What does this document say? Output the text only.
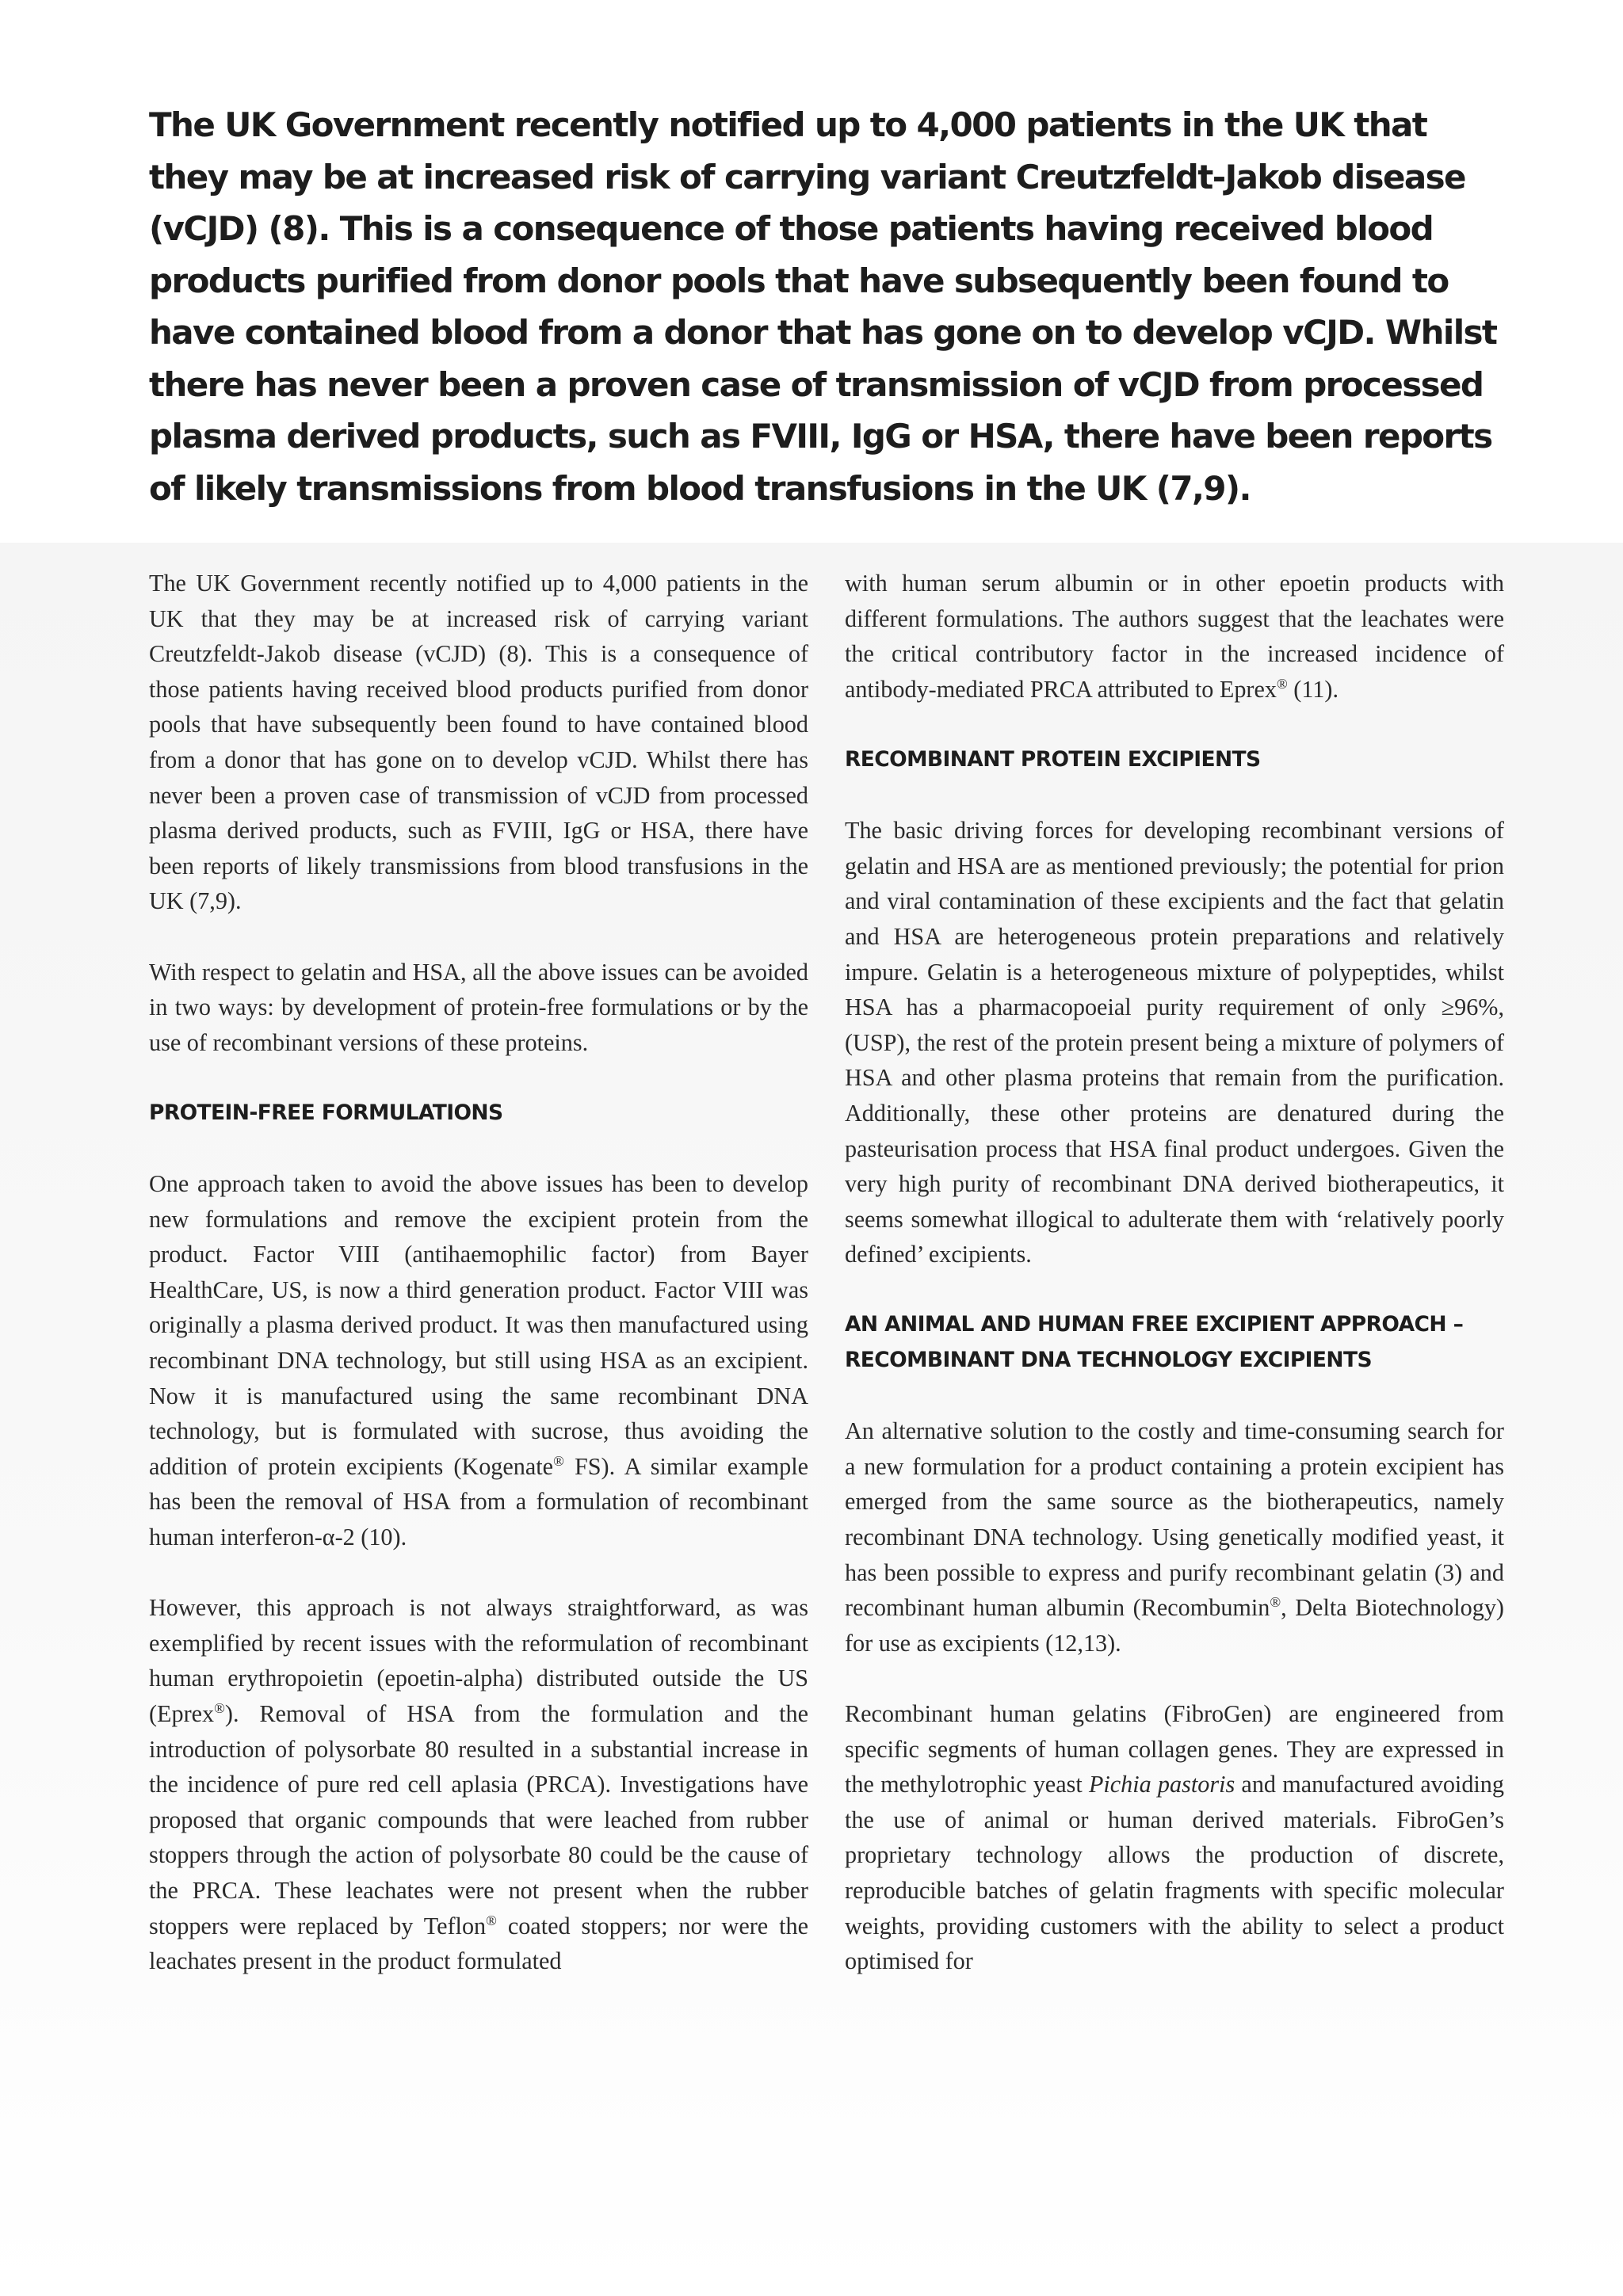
The UK Government recently notified up to 4,000 patients in the UK that they may be at increased risk of carrying variant Creutzfeldt-Jakob disease (vCJD) (8). This is a consequence of those patients having received blood products purified from donor pools that have subsequently been found to have contained blood from a donor that has gone on to develop vCJD. Whilst there has never been a proven case of transmission of vCJD from processed plasma derived products, such as FVIII, IgG or HSA, there have been reports of likely transmissions from blood transfusions in the UK (7,9).

The UK Government recently notified up to 4,000 patients in the UK that they may be at increased risk of carrying variant Creutzfeldt-Jakob disease (vCJD) (8). This is a consequence of those patients having received blood products purified from donor pools that have subsequently been found to have contained blood from a donor that has gone on to develop vCJD. Whilst there has never been a proven case of transmission of vCJD from processed plasma derived products, such as FVIII, IgG or HSA, there have been reports of likely transmissions from blood transfusions in the UK (7,9).

With respect to gelatin and HSA, all the above issues can be avoided in two ways: by development of protein-free formulations or by the use of recombinant versions of these proteins.

PROTEIN-FREE FORMULATIONS

One approach taken to avoid the above issues has been to develop new formulations and remove the excipient protein from the product. Factor VIII (antihaemophilic factor) from Bayer HealthCare, US, is now a third generation product. Factor VIII was originally a plasma derived product. It was then manufactured using recombinant DNA technology, but still using HSA as an excipient. Now it is manufactured using the same recombinant DNA technology, but is formulated with sucrose, thus avoiding the addition of protein excipients (Kogenate® FS). A similar example has been the removal of HSA from a formulation of recombinant human interferon-α-2 (10).

However, this approach is not always straightforward, as was exemplified by recent issues with the reformulation of recombinant human erythropoietin (epoetin-alpha) distributed outside the US (Eprex®). Removal of HSA from the formulation and the introduction of polysorbate 80 resulted in a substantial increase in the incidence of pure red cell aplasia (PRCA). Investigations have proposed that organic compounds that were leached from rubber stoppers through the action of polysorbate 80 could be the cause of the PRCA. These leachates were not present when the rubber stoppers were replaced by Teflon® coated stoppers; nor were the leachates present in the product formulated

with human serum albumin or in other epoetin products with different formulations. The authors suggest that the leachates were the critical contributory factor in the increased incidence of antibody-mediated PRCA attributed to Eprex® (11).

RECOMBINANT PROTEIN EXCIPIENTS

The basic driving forces for developing recombinant versions of gelatin and HSA are as mentioned previously; the potential for prion and viral contamination of these excipients and the fact that gelatin and HSA are heterogeneous protein preparations and relatively impure. Gelatin is a heterogeneous mixture of polypeptides, whilst HSA has a pharmacopoeial purity requirement of only ≥96%, (USP), the rest of the protein present being a mixture of polymers of HSA and other plasma proteins that remain from the purification. Additionally, these other proteins are denatured during the pasteurisation process that HSA final product undergoes. Given the very high purity of recombinant DNA derived biotherapeutics, it seems somewhat illogical to adulterate them with ‘relatively poorly defined’ excipients.

AN ANIMAL AND HUMAN FREE EXCIPIENT APPROACH – RECOMBINANT DNA TECHNOLOGY EXCIPIENTS

An alternative solution to the costly and time-consuming search for a new formulation for a product containing a protein excipient has emerged from the same source as the biotherapeutics, namely recombinant DNA technology. Using genetically modified yeast, it has been possible to express and purify recombinant gelatin (3) and recombinant human albumin (Recombumin®, Delta Biotechnology) for use as excipients (12,13).

Recombinant human gelatins (FibroGen) are engineered from specific segments of human collagen genes. They are expressed in the methylotrophic yeast Pichia pastoris and manufactured avoiding the use of animal or human derived materials. FibroGen’s proprietary technology allows the production of discrete, reproducible batches of gelatin fragments with specific molecular weights, providing customers with the ability to select a product optimised for
